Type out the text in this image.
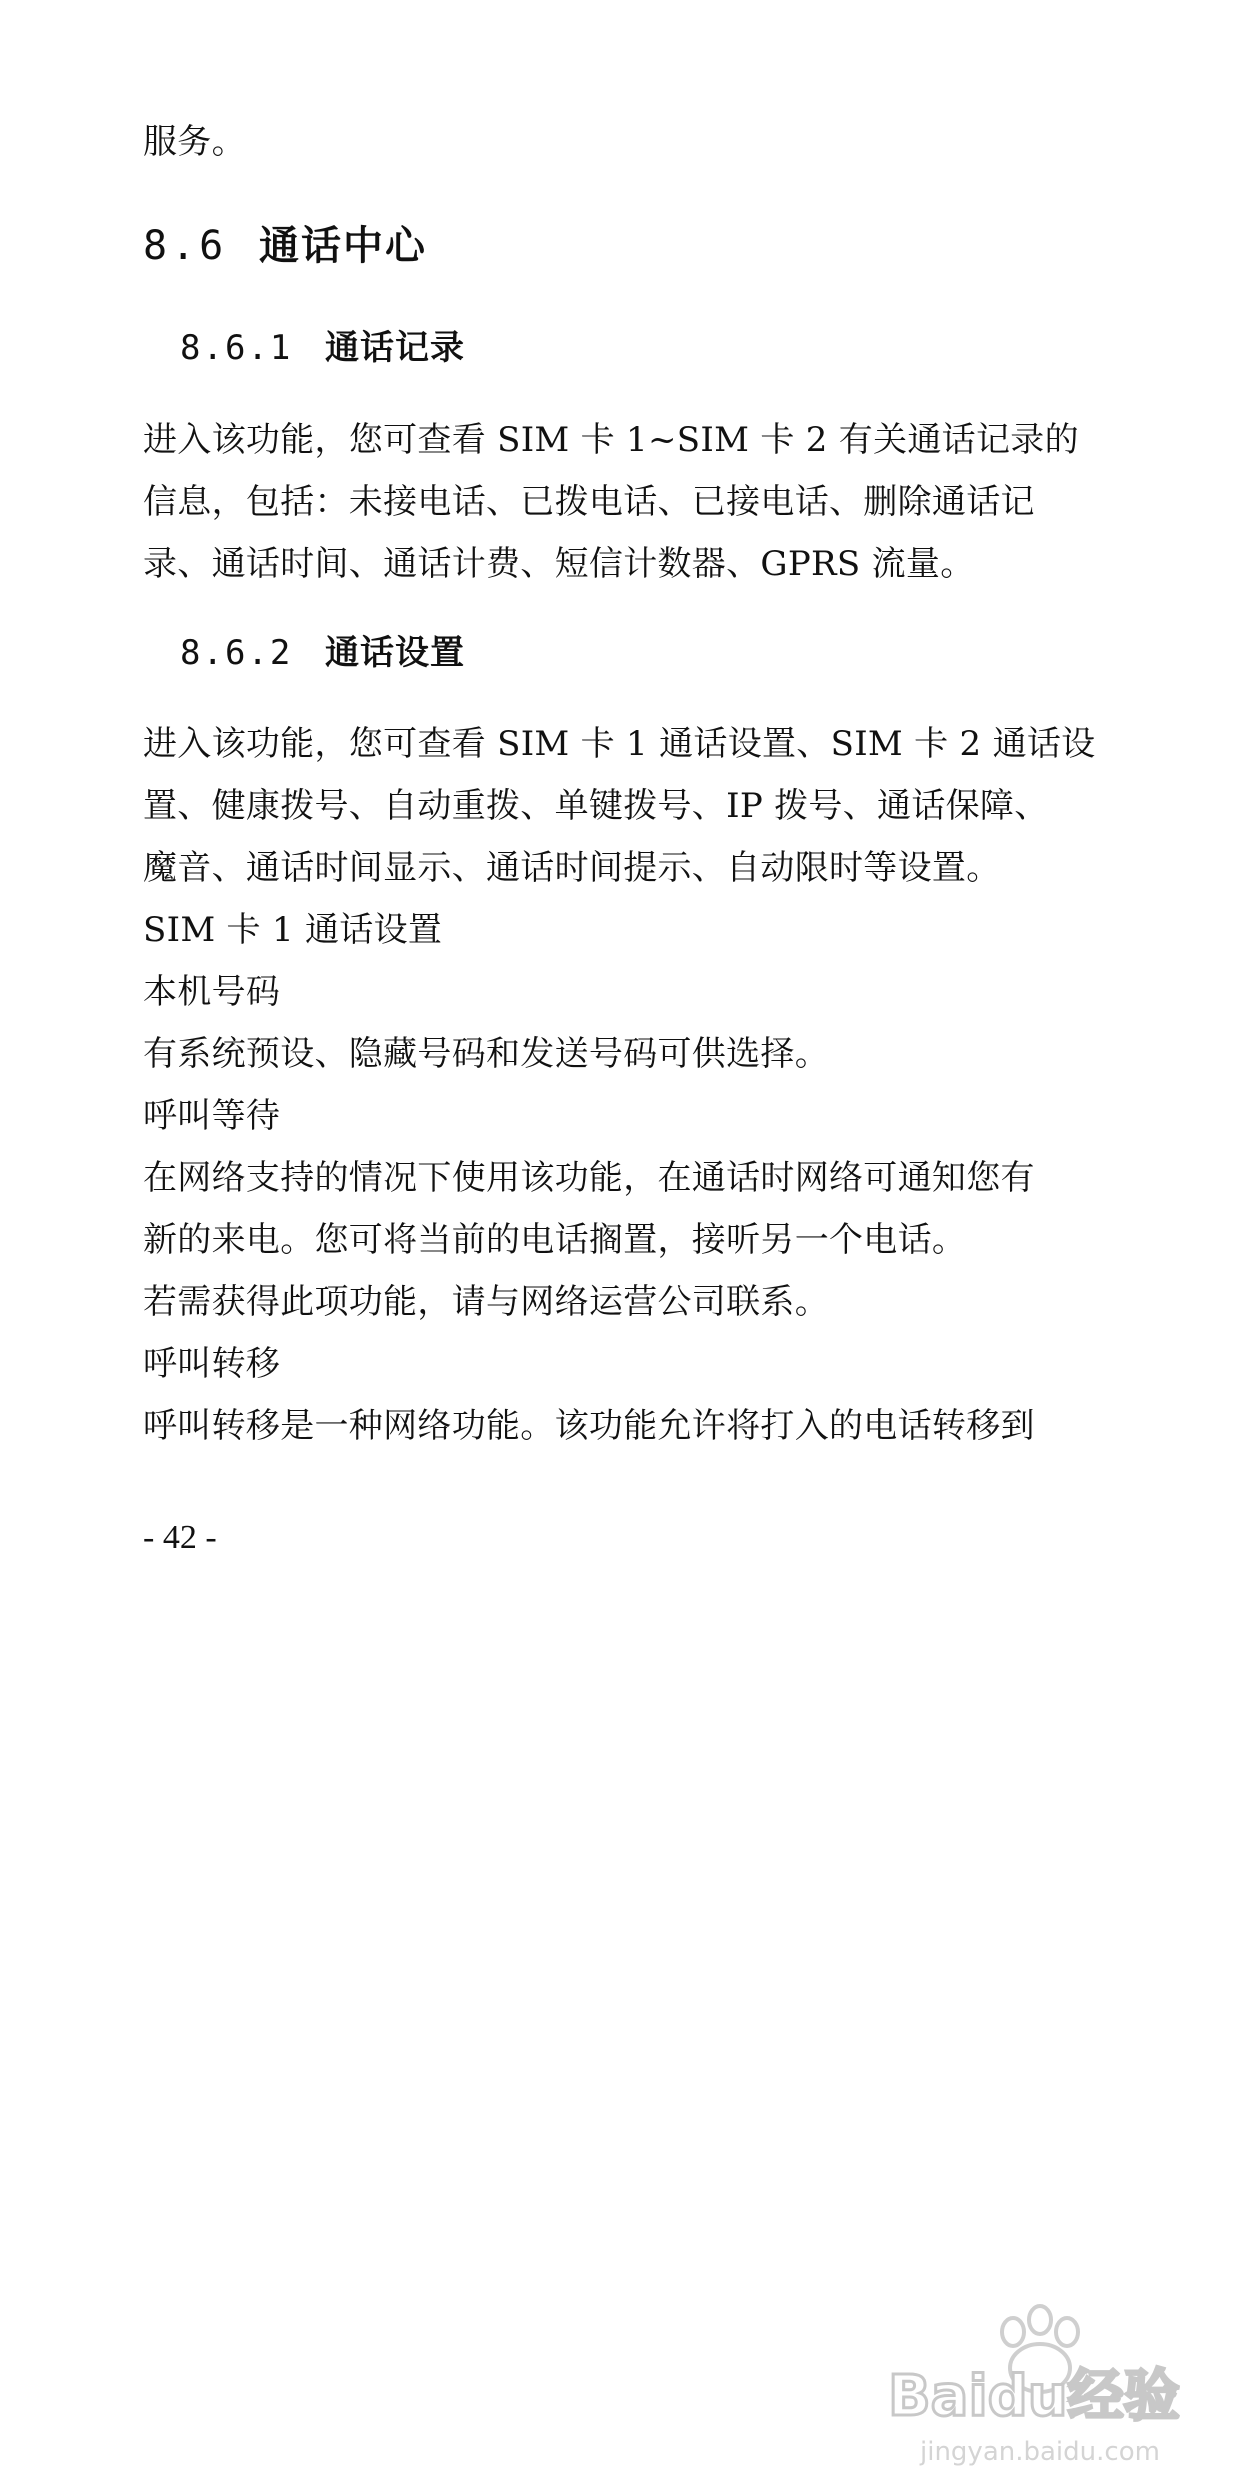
服务。
8.6 通话中心
8.6.1 通话记录
进入该功能，您可查看 SIM 卡 1~SIM 卡 2 有关通话记录的
信息，包括：未接电话、已拨电话、已接电话、删除通话记
录、通话时间、通话计费、短信计数器、GPRS 流量。
8.6.2 通话设置
进入该功能，您可查看 SIM 卡 1 通话设置、SIM 卡 2 通话设
置、健康拨号、自动重拨、单键拨号、IP 拨号、通话保障、
魔音、通话时间显示、通话时间提示、自动限时等设置。
SIM 卡 1 通话设置
本机号码
有系统预设、隐藏号码和发送号码可供选择。
呼叫等待
在网络支持的情况下使用该功能，在通话时网络可通知您有
新的来电。您可将当前的电话搁置，接听另一个电话。
若需获得此项功能，请与网络运营公司联系。
呼叫转移
呼叫转移是一种网络功能。该功能允许将打入的电话转移到
- 42 -
Baidu经验
jingyan.baidu.com
